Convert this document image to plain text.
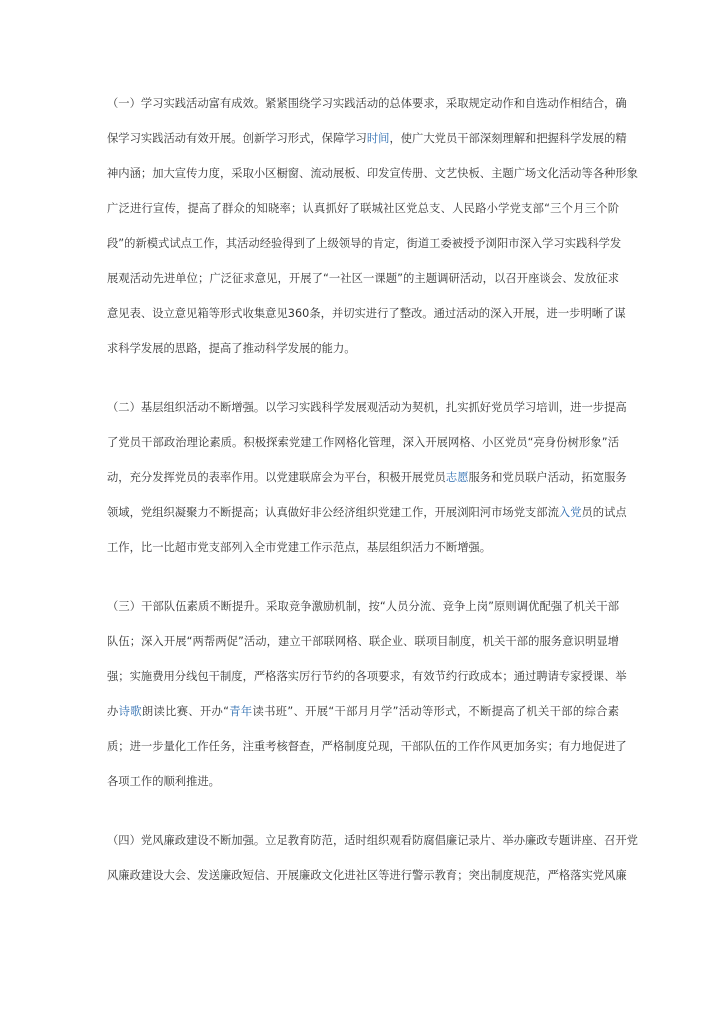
（一）学习实践活动富有成效。紧紧围绕学习实践活动的总体要求，采取规定动作和自选动作相结合，确
保学习实践活动有效开展。创新学习形式，保障学习时间，使广大党员干部深刻理解和把握科学发展的精
神内涵；加大宣传力度，采取小区橱窗、流动展板、印发宣传册、文艺快板、主题广场文化活动等各种形象
广泛进行宣传，提高了群众的知晓率；认真抓好了联城社区党总支、人民路小学党支部“三个月三个阶
段”的新模式试点工作，其活动经验得到了上级领导的肯定，街道工委被授予浏阳市深入学习实践科学发
展观活动先进单位；广泛征求意见，开展了“一社区一课题”的主题调研活动，以召开座谈会、发放征求
意见表、设立意见箱等形式收集意见360条，并切实进行了整改。通过活动的深入开展，进一步明晰了谋
求科学发展的思路，提高了推动科学发展的能力。
（二）基层组织活动不断增强。以学习实践科学发展观活动为契机，扎实抓好党员学习培训，进一步提高
了党员干部政治理论素质。积极探索党建工作网格化管理，深入开展网格、小区党员“亮身份树形象”活
动，充分发挥党员的表率作用。以党建联席会为平台，积极开展党员志愿服务和党员联户活动，拓宽服务
领域，党组织凝聚力不断提高；认真做好非公经济组织党建工作，开展浏阳河市场党支部流入党员的试点
工作，比一比超市党支部列入全市党建工作示范点，基层组织活力不断增强。
（三）干部队伍素质不断提升。采取竞争激励机制，按“人员分流、竞争上岗”原则调优配强了机关干部
队伍；深入开展“两帮两促”活动，建立干部联网格、联企业、联项目制度，机关干部的服务意识明显增
强；实施费用分线包干制度，严格落实厉行节约的各项要求，有效节约行政成本；通过聘请专家授课、举
办诗歌朗读比赛、开办“青年读书班”、开展“干部月月学”活动等形式，不断提高了机关干部的综合素
质；进一步量化工作任务，注重考核督查，严格制度兑现，干部队伍的工作作风更加务实；有力地促进了
各项工作的顺利推进。
（四）党风廉政建设不断加强。立足教育防范，适时组织观看防腐倡廉记录片、举办廉政专题讲座、召开党
风廉政建设大会、发送廉政短信、开展廉政文化进社区等进行警示教育；突出制度规范，严格落实党风廉
